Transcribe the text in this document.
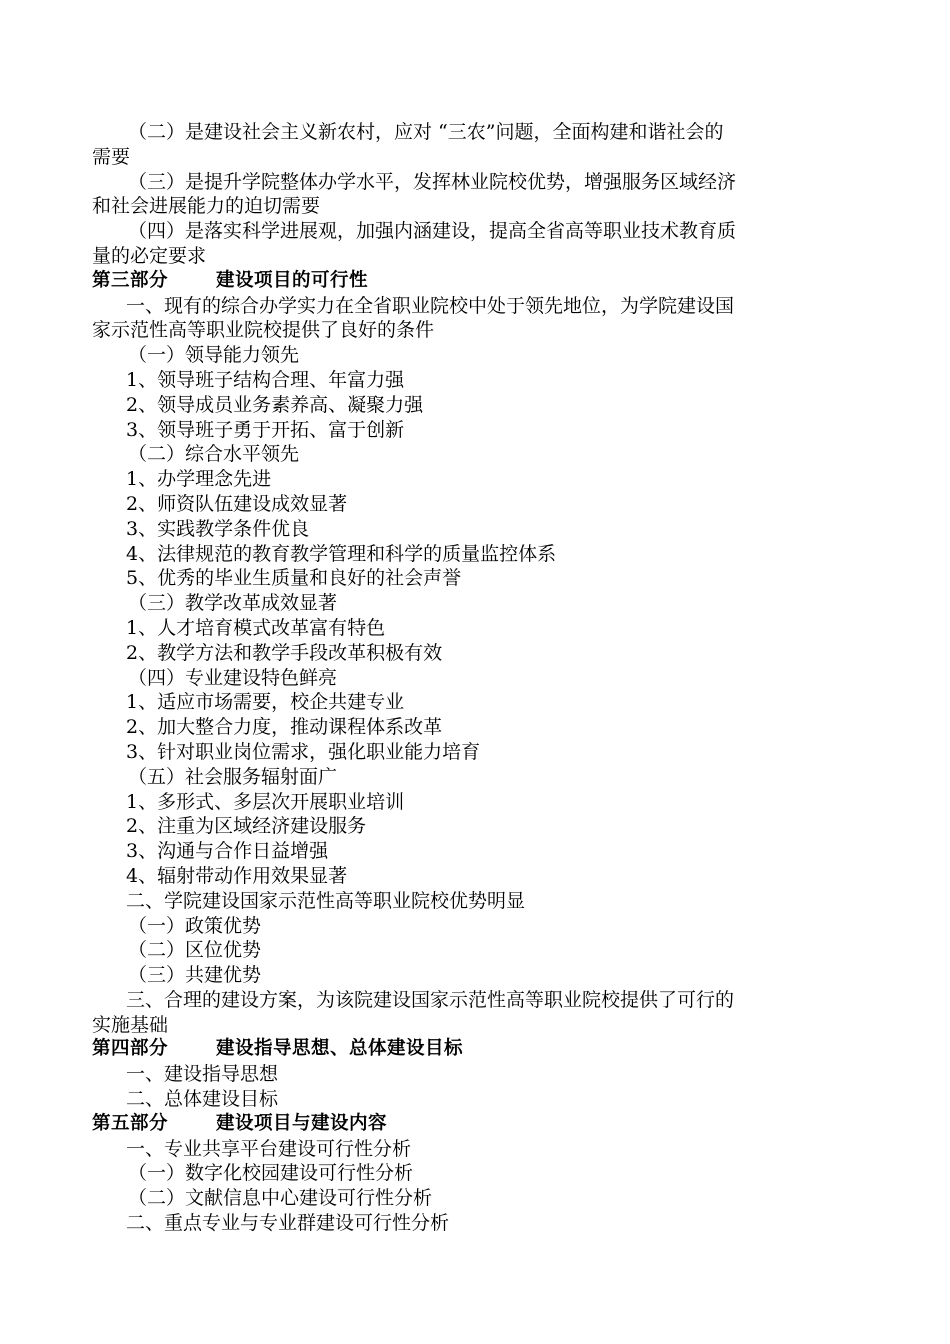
（二）是建设社会主义新农村，应对 “三农”问题，全面构建和谐社会的
需要
（三）是提升学院整体办学水平，发挥林业院校优势，增强服务区域经济
和社会进展能力的迫切需要
（四）是落实科学进展观，加强内涵建设，提高全省高等职业技术教育质
量的必定要求
第三部分	建设项目的可行性
一、现有的综合办学实力在全省职业院校中处于领先地位，为学院建设国
家示范性高等职业院校提供了良好的条件
（一）领导能力领先
1、领导班子结构合理、年富力强
2、领导成员业务素养高、凝聚力强
3、领导班子勇于开拓、富于创新
（二）综合水平领先
1、办学理念先进
2、师资队伍建设成效显著
3、实践教学条件优良
4、法律规范的教育教学管理和科学的质量监控体系
5、优秀的毕业生质量和良好的社会声誉
（三）教学改革成效显著
1、人才培育模式改革富有特色
2、教学方法和教学手段改革积极有效
（四）专业建设特色鲜亮
1、适应市场需要，校企共建专业
2、加大整合力度，推动课程体系改革
3、针对职业岗位需求，强化职业能力培育
（五）社会服务辐射面广
1、多形式、多层次开展职业培训
2、注重为区域经济建设服务
3、沟通与合作日益增强
4、辐射带动作用效果显著
二、学院建设国家示范性高等职业院校优势明显
（一）政策优势
（二）区位优势
（三）共建优势
三、合理的建设方案，为该院建设国家示范性高等职业院校提供了可行的
实施基础
第四部分	建设指导思想、总体建设目标
一、建设指导思想
二、总体建设目标
第五部分	建设项目与建设内容
一、专业共享平台建设可行性分析
（一）数字化校园建设可行性分析
（二）文献信息中心建设可行性分析
二、重点专业与专业群建设可行性分析
